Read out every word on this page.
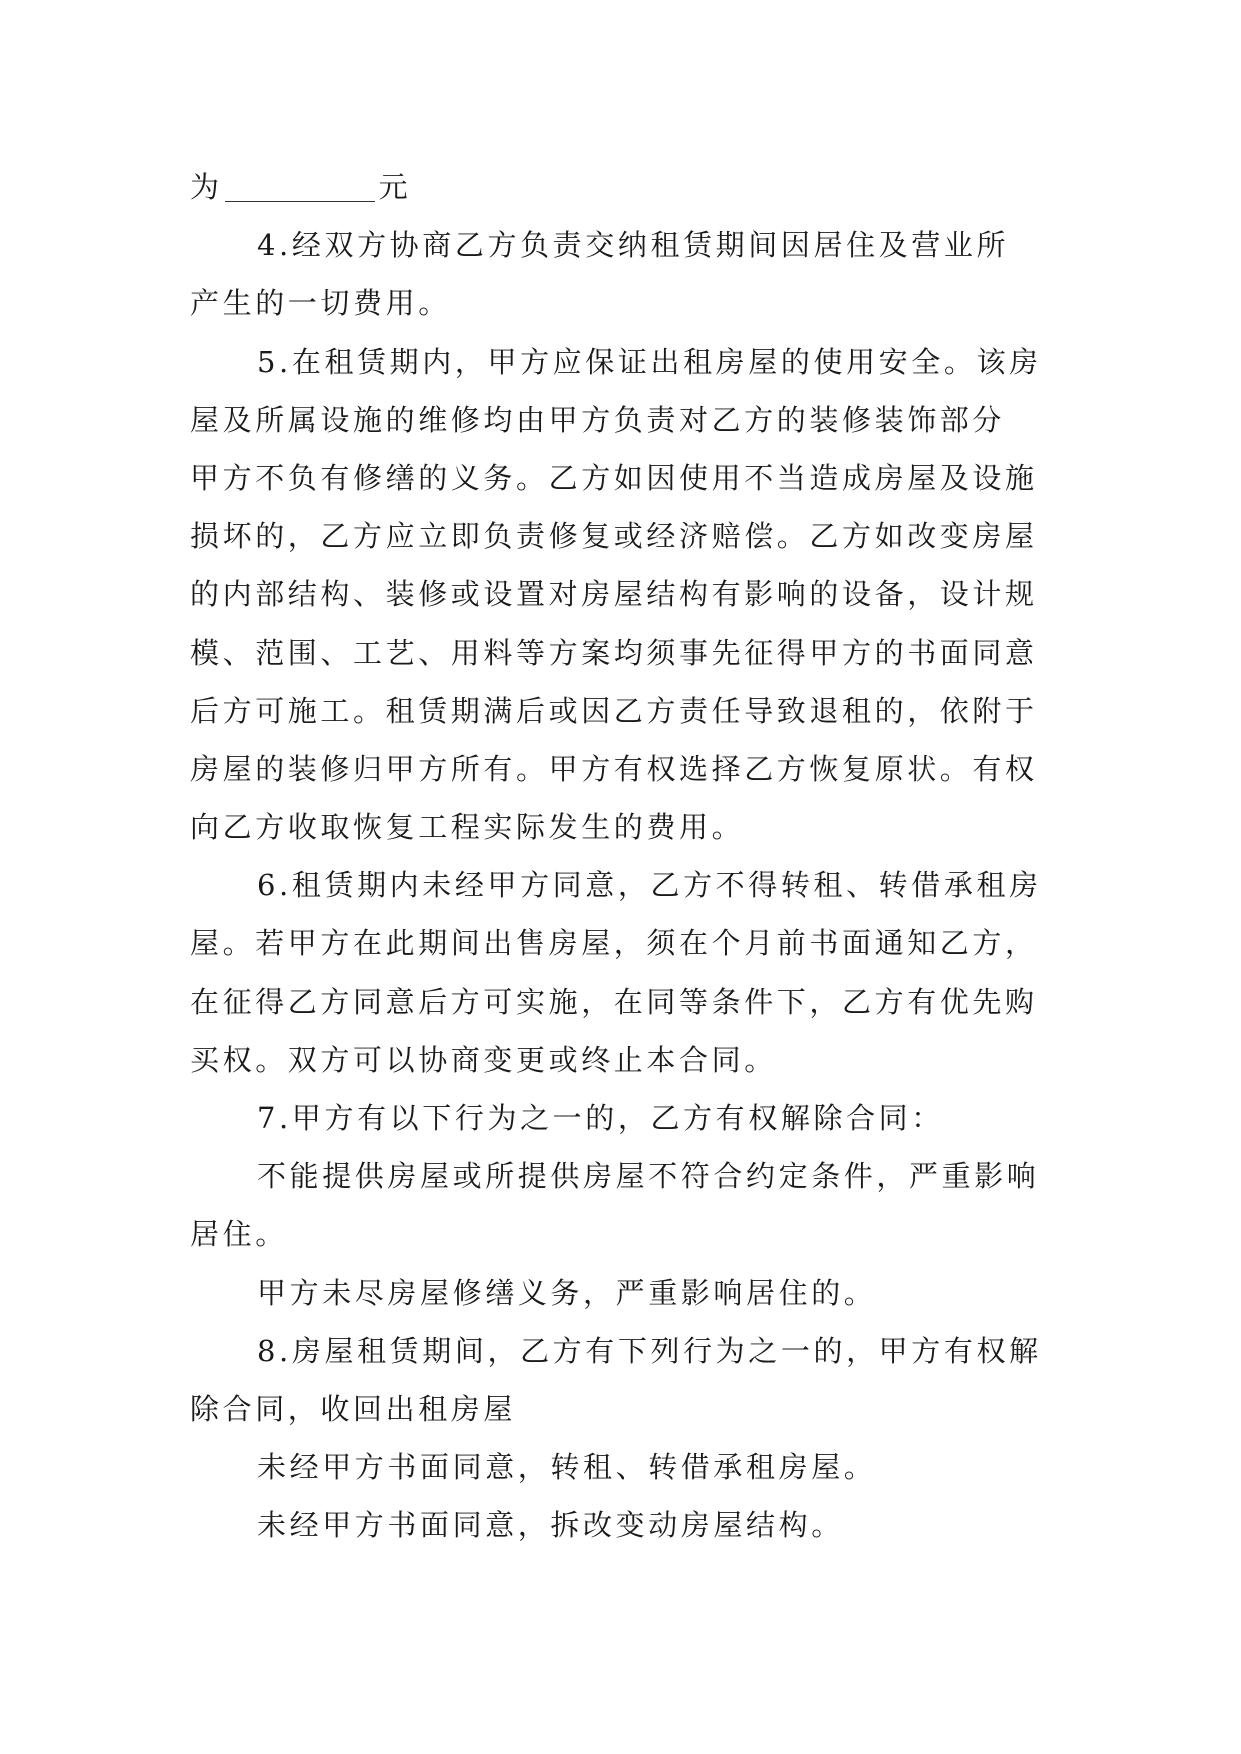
为	元
4.经双方协商乙方负责交纳租赁期间因居住及营业所
产生的一切费用。
5.在租赁期内，甲方应保证出租房屋的使用安全。该房
屋及所属设施的维修均由甲方负责对乙方的装修装饰部分
甲方不负有修缮的义务。乙方如因使用不当造成房屋及设施
损坏的，乙方应立即负责修复或经济赔偿。乙方如改变房屋
的内部结构、装修或设置对房屋结构有影响的设备，设计规
模、范围、工艺、用料等方案均须事先征得甲方的书面同意
后方可施工。租赁期满后或因乙方责任导致退租的，依附于
房屋的装修归甲方所有。甲方有权选择乙方恢复原状。有权
向乙方收取恢复工程实际发生的费用。
6.租赁期内未经甲方同意，乙方不得转租、转借承租房
屋。若甲方在此期间出售房屋，须在个月前书面通知乙方，
在征得乙方同意后方可实施，在同等条件下，乙方有优先购
买权。双方可以协商变更或终止本合同。
7.甲方有以下行为之一的，乙方有权解除合同：
不能提供房屋或所提供房屋不符合约定条件，严重影响
居住。
甲方未尽房屋修缮义务，严重影响居住的。
8.房屋租赁期间，乙方有下列行为之一的，甲方有权解
除合同，收回出租房屋
未经甲方书面同意，转租、转借承租房屋。
未经甲方书面同意，拆改变动房屋结构。
